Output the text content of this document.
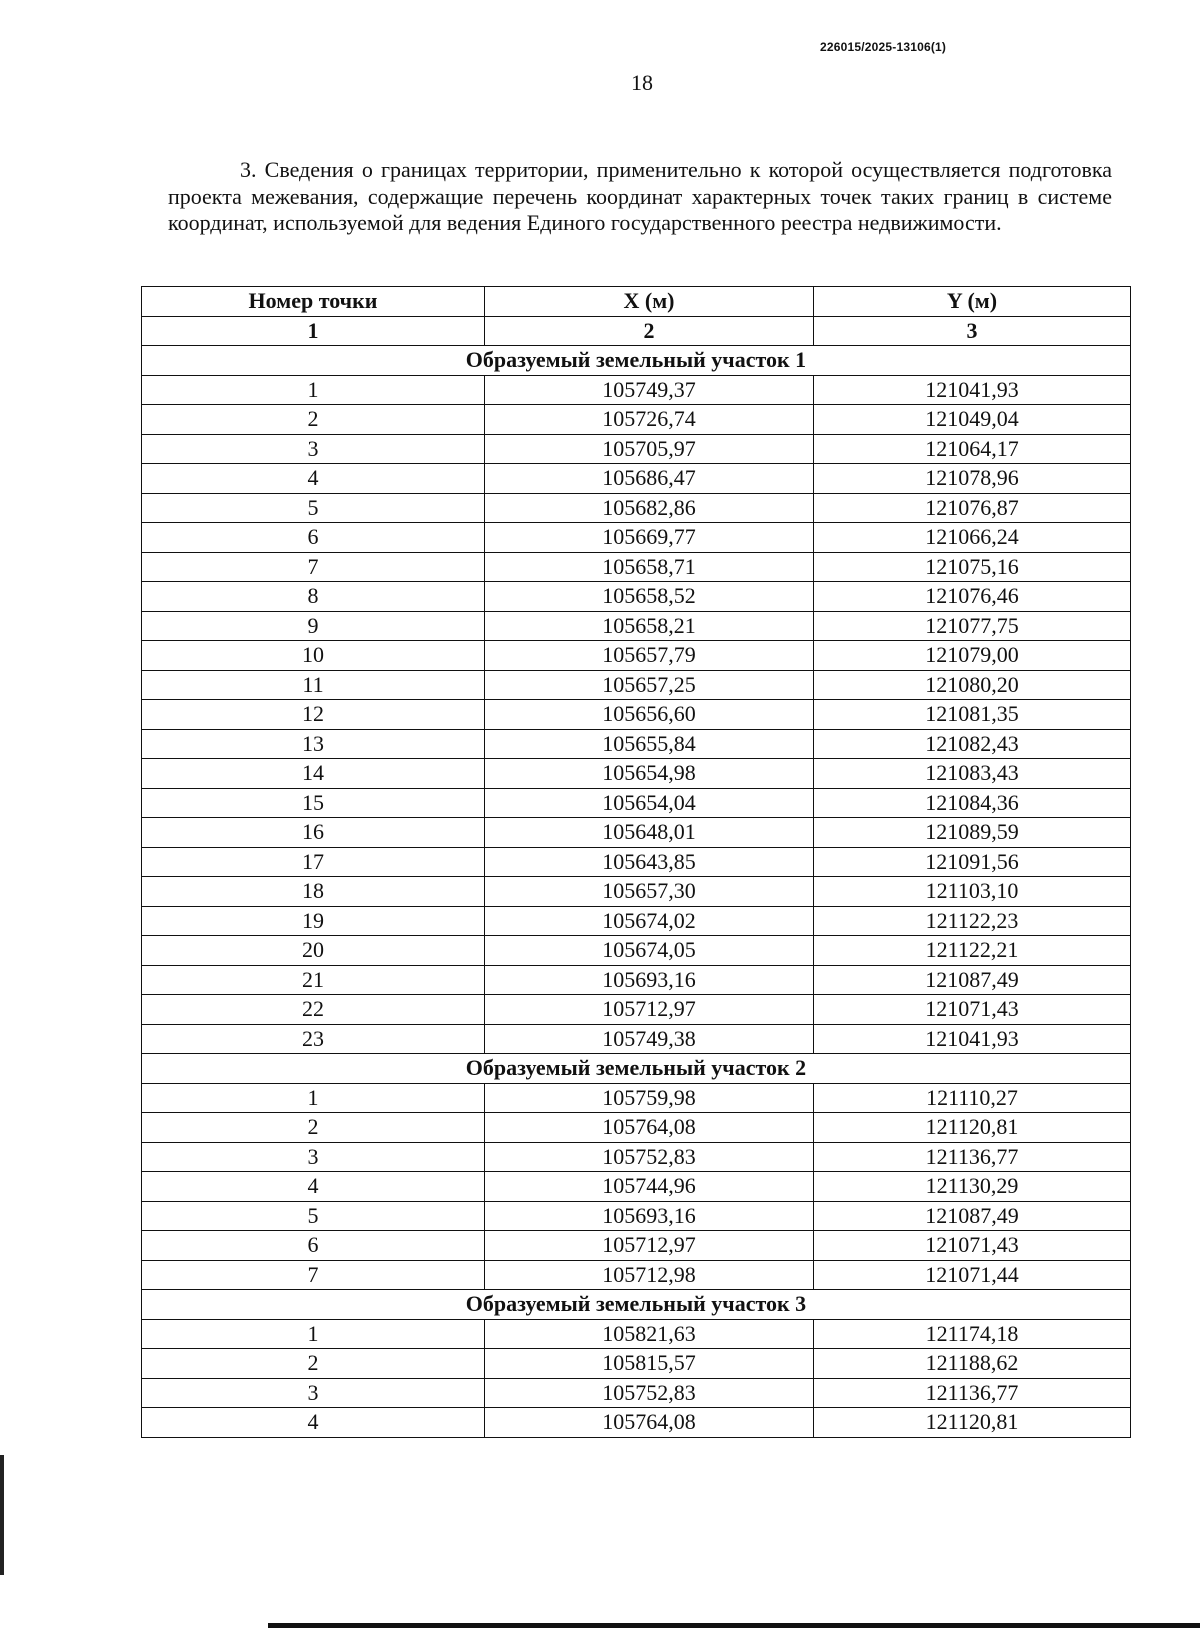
226015/2025-13106(1)
18

3. Сведения о границах территории, применительно к которой осуществляется подготовка проекта межевания, содержащие перечень координат характерных точек таких границ в системе координат, используемой для ведения Единого государственного реестра недвижимости.

Номер точки	X (м)	Y (м)
1	2	3
Образуемый земельный участок 1		
1	105749,37	121041,93
2	105726,74	121049,04
3	105705,97	121064,17
4	105686,47	121078,96
5	105682,86	121076,87
6	105669,77	121066,24
7	105658,71	121075,16
8	105658,52	121076,46
9	105658,21	121077,75
10	105657,79	121079,00
11	105657,25	121080,20
12	105656,60	121081,35
13	105655,84	121082,43
14	105654,98	121083,43
15	105654,04	121084,36
16	105648,01	121089,59
17	105643,85	121091,56
18	105657,30	121103,10
19	105674,02	121122,23
20	105674,05	121122,21
21	105693,16	121087,49
22	105712,97	121071,43
23	105749,38	121041,93
Образуемый земельный участок 2		
1	105759,98	121110,27
2	105764,08	121120,81
3	105752,83	121136,77
4	105744,96	121130,29
5	105693,16	121087,49
6	105712,97	121071,43
7	105712,98	121071,44
Образуемый земельный участок 3		
1	105821,63	121174,18
2	105815,57	121188,62
3	105752,83	121136,77
4	105764,08	121120,81
